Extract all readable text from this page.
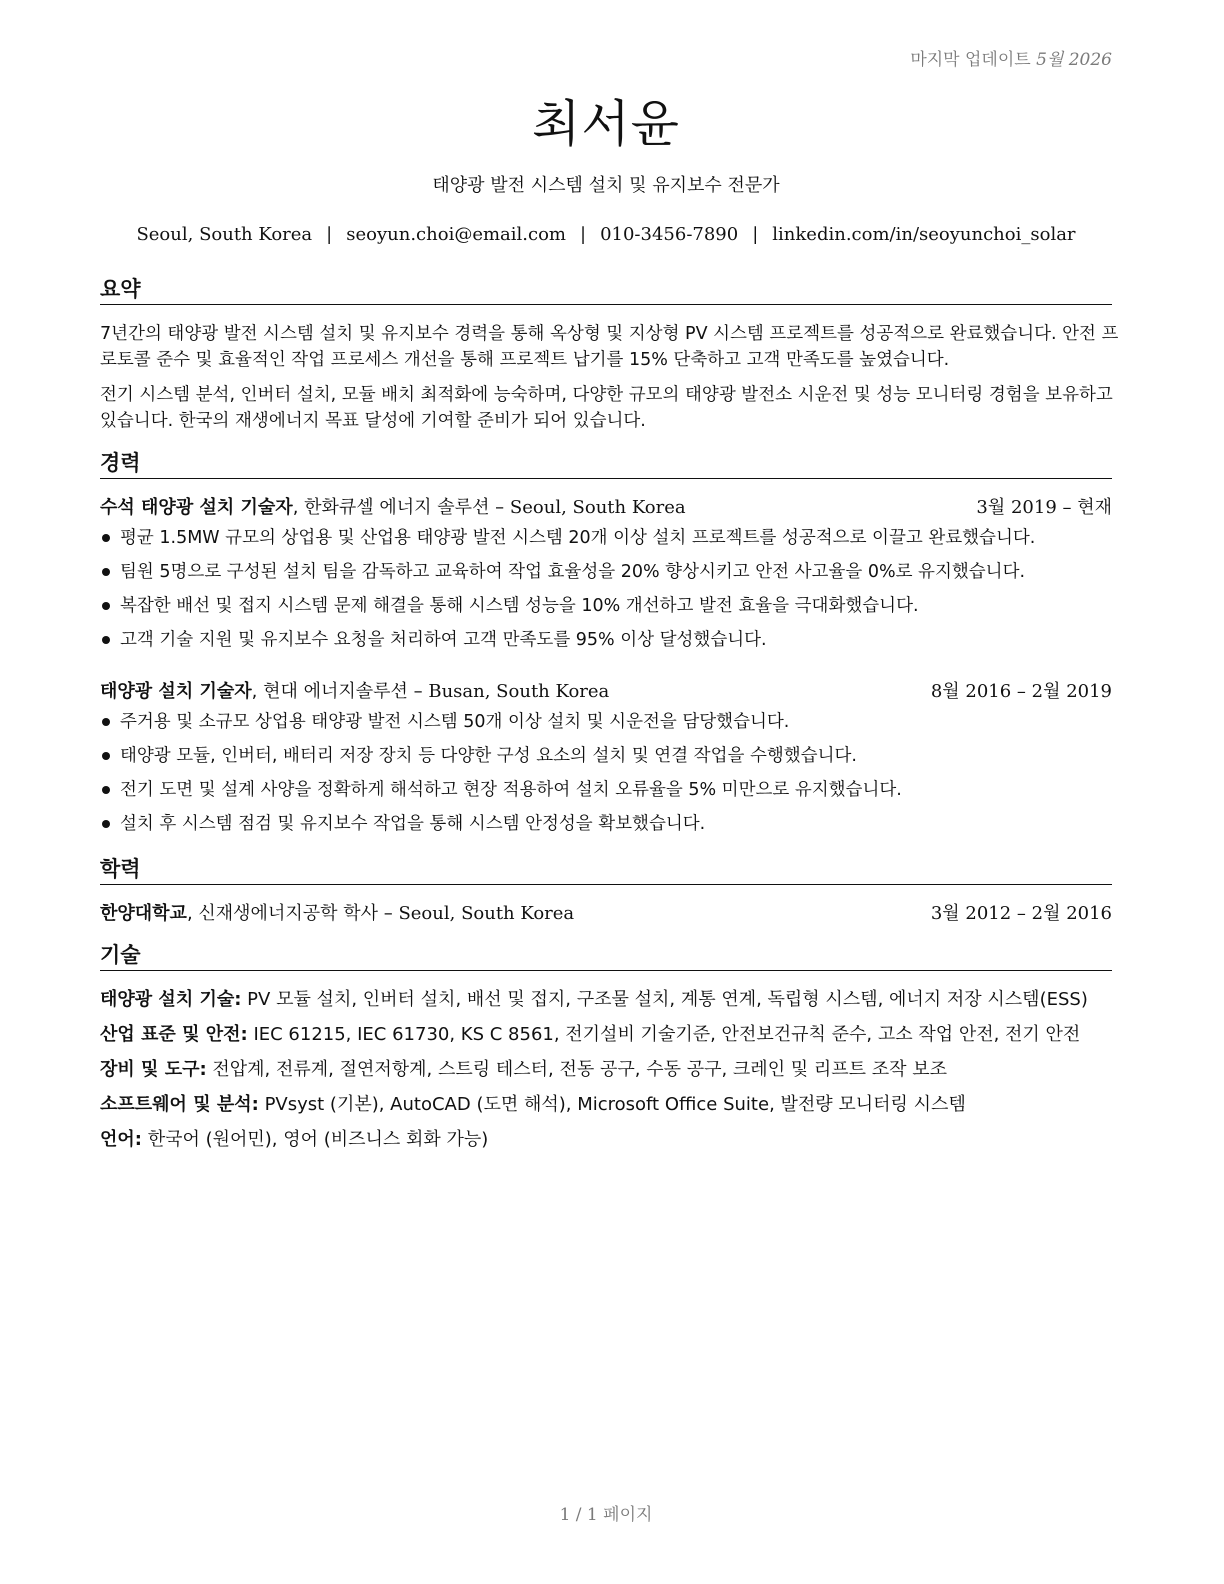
마지막 업데이트 5월 2026
최서윤
태양광 발전 시스템 설치 및 유지보수 전문가
Seoul, South Korea | seoyun.choi@email.com | 010-3456-7890 | linkedin.com/in/seoyunchoi_solar
요약
7년간의 태양광 발전 시스템 설치 및 유지보수 경력을 통해 옥상형 및 지상형 PV 시스템 프로젝트를 성공적으로 완료했습니다. 안전 프로토콜 준수 및 효율적인 작업 프로세스 개선을 통해 프로젝트 납기를 15% 단축하고 고객 만족도를 높였습니다.
전기 시스템 분석, 인버터 설치, 모듈 배치 최적화에 능숙하며, 다양한 규모의 태양광 발전소 시운전 및 성능 모니터링 경험을 보유하고 있습니다. 한국의 재생에너지 목표 달성에 기여할 준비가 되어 있습니다.
경력
수석 태양광 설치 기술자, 한화큐셀 에너지 솔루션 – Seoul, South Korea	3월 2019 – 현재
평균 1.5MW 규모의 상업용 및 산업용 태양광 발전 시스템 20개 이상 설치 프로젝트를 성공적으로 이끌고 완료했습니다.
팀원 5명으로 구성된 설치 팀을 감독하고 교육하여 작업 효율성을 20% 향상시키고 안전 사고율을 0%로 유지했습니다.
복잡한 배선 및 접지 시스템 문제 해결을 통해 시스템 성능을 10% 개선하고 발전 효율을 극대화했습니다.
고객 기술 지원 및 유지보수 요청을 처리하여 고객 만족도를 95% 이상 달성했습니다.
태양광 설치 기술자, 현대 에너지솔루션 – Busan, South Korea	8월 2016 – 2월 2019
주거용 및 소규모 상업용 태양광 발전 시스템 50개 이상 설치 및 시운전을 담당했습니다.
태양광 모듈, 인버터, 배터리 저장 장치 등 다양한 구성 요소의 설치 및 연결 작업을 수행했습니다.
전기 도면 및 설계 사양을 정확하게 해석하고 현장 적용하여 설치 오류율을 5% 미만으로 유지했습니다.
설치 후 시스템 점검 및 유지보수 작업을 통해 시스템 안정성을 확보했습니다.
학력
한양대학교, 신재생에너지공학 학사 – Seoul, South Korea	3월 2012 – 2월 2016
기술
태양광 설치 기술: PV 모듈 설치, 인버터 설치, 배선 및 접지, 구조물 설치, 계통 연계, 독립형 시스템, 에너지 저장 시스템(ESS)
산업 표준 및 안전: IEC 61215, IEC 61730, KS C 8561, 전기설비 기술기준, 안전보건규칙 준수, 고소 작업 안전, 전기 안전
장비 및 도구: 전압계, 전류계, 절연저항계, 스트링 테스터, 전동 공구, 수동 공구, 크레인 및 리프트 조작 보조
소프트웨어 및 분석: PVsyst (기본), AutoCAD (도면 해석), Microsoft Office Suite, 발전량 모니터링 시스템
언어: 한국어 (원어민), 영어 (비즈니스 회화 가능)
1 / 1 페이지
